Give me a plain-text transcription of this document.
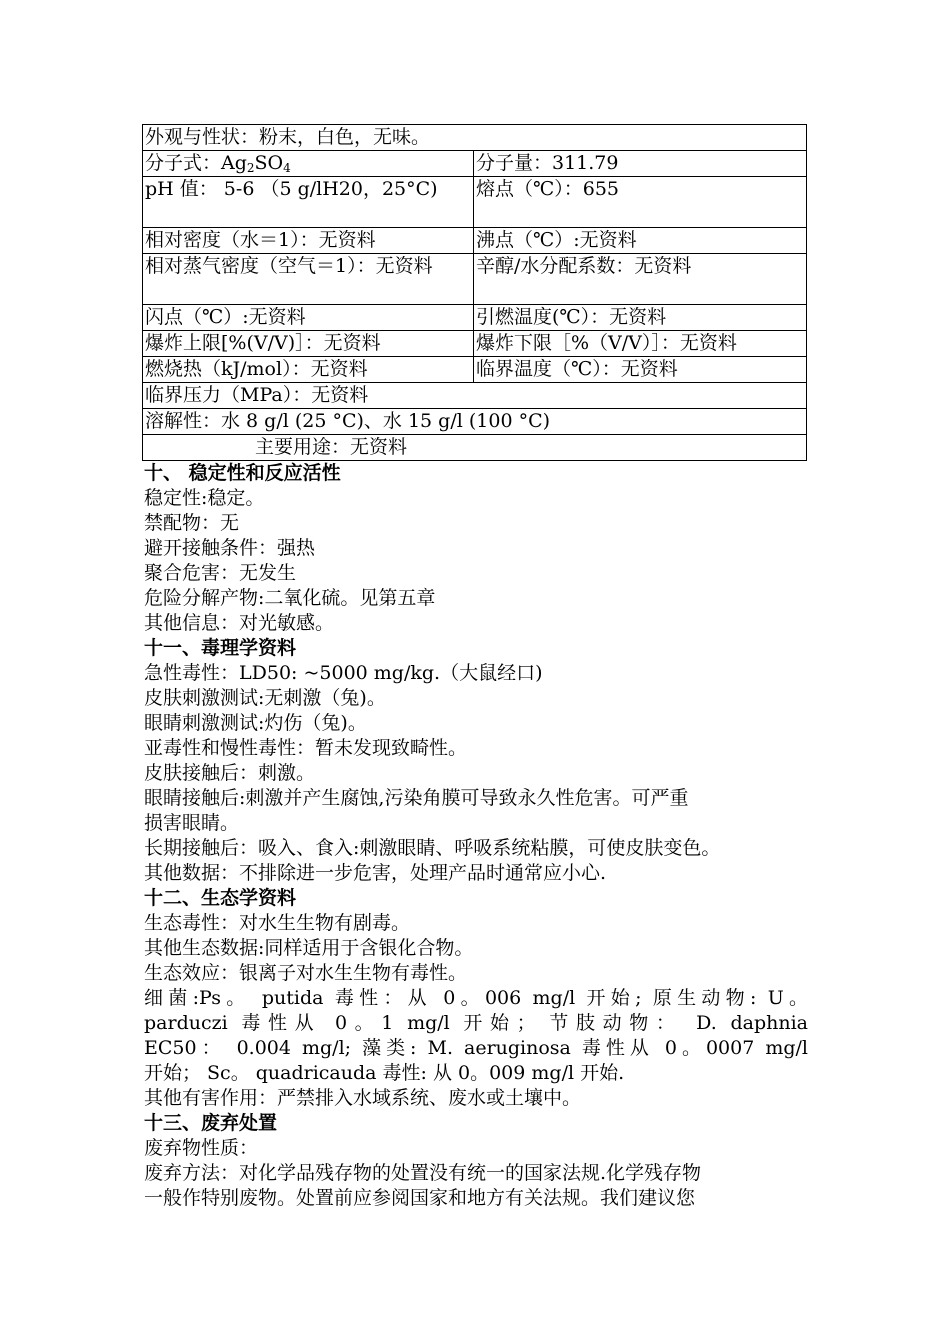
外观与性状：粉末，白色，无味。	
分子式：$Ag_2SO_4$	分子量：311.79
pH 值： 5-6 （5 g/lH20，25°C)	熔点（℃）：655
相对密度（水＝1）：无资料	沸点（℃）:无资料
相对蒸气密度（空气＝1）：无资料	辛醇/水分配系数：无资料
闪点（℃）:无资料	引燃温度(℃）：无资料
爆炸上限[%(V/V)］：无资料	爆炸下限［%（V/V）］：无资料
燃烧热（kJ/mol）：无资料	临界温度（℃）：无资料
临界压力（MPa）：无资料	
溶解性：水 8 g/l (25 °C)、水 15 g/l (100 °C)	
主要用途：无资料	

十、 稳定性和反应活性

稳定性:稳定。

禁配物：无

避开接触条件：强热

聚合危害：无发生

危险分解产物:二氧化硫。见第五章

其他信息：对光敏感。

十一、毒理学资料

急性毒性：LD50: ~5000 mg/kg.（大鼠经口)

皮肤刺激测试:无刺激（兔)。

眼睛刺激测试:灼伤（兔)。

亚毒性和慢性毒性：暂未发现致畸性。

皮肤接触后：刺激。

眼睛接触后:刺激并产生腐蚀,污染角膜可导致永久性危害。可严重

损害眼睛。

长期接触后：吸入、食入:刺激眼睛、呼吸系统粘膜，可使皮肤变色。

其他数据：不排除进一步危害，处理产品时通常应小心.

十二、生态学资料

生态毒性：对水生生物有剧毒。

其他生态数据:同样适用于含银化合物。

生态效应：银离子对水生生物有毒性。

细菌:Ps。 putida 毒性：从 0。006 mg/l 开始; 原生动物: U。

parduczi 毒性从 0。1 mg/l 开始； 节肢动物： D. daphnia

EC50： 0.004 mg/l; 藻类: M. aeruginosa 毒性从 0。0007 mg/l

开始； Sc。 quadricauda 毒性: 从 0。009 mg/l 开始.

其他有害作用：严禁排入水域系统、废水或土壤中。

十三、废弃处置

废弃物性质：

废弃方法：对化学品残存物的处置没有统一的国家法规.化学残存物

一般作特别废物。处置前应参阅国家和地方有关法规。我们建议您
